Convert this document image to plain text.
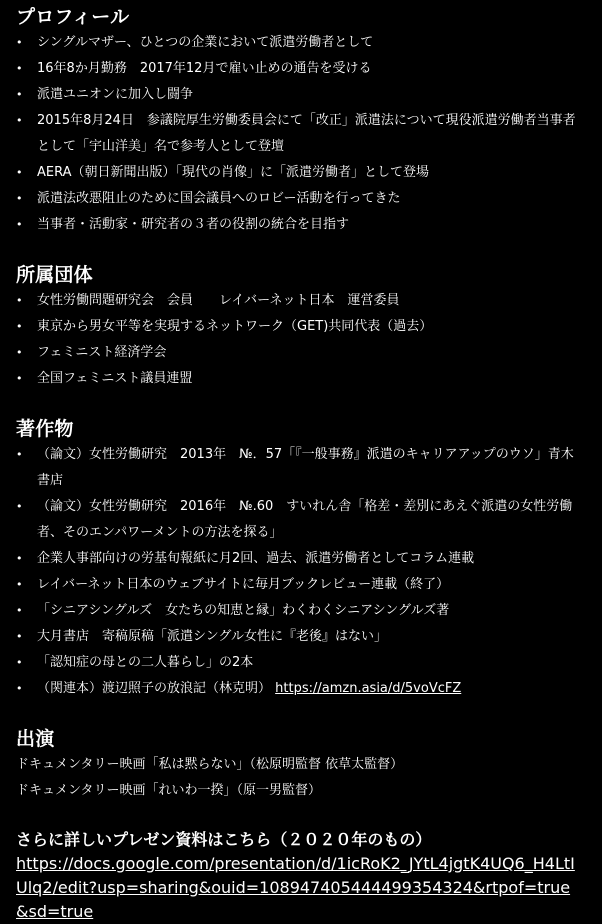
プロフィール
• シングルマザー、ひとつの企業において派遣労働者として
• 16年8か月勤務　2017年12月で雇い止めの通告を受ける
• 派遣ユニオンに加入し闘争
• 2015年8月24日　参議院厚生労働委員会にて「改正」派遣法について現役派遣労働者当事者として「宇山洋美」名で参考人として登壇
• AERA（朝日新聞出版）「現代の肖像」に「派遣労働者」として登場
• 派遣法改悪阻止のために国会議員へのロビー活動を行ってきた
• 当事者・活動家・研究者の３者の役割の統合を目指す
所属団体
• 女性労働問題研究会　会員　　レイバーネット日本　運営委員
• 東京から男女平等を実現するネットワーク（GET)共同代表（過去）
• フェミニスト経済学会
• 全国フェミニスト議員連盟
著作物
• （論文）女性労働研究　2013年　№．57「『一般事務』派遣のキャリアアップのウソ」青木書店
• （論文）女性労働研究　2016年　№.60　すいれん舎「格差・差別にあえぐ派遣の女性労働者、そのエンパワーメントの方法を探る」
• 企業人事部向けの労基旬報紙に月2回、過去、派遣労働者としてコラム連載
• レイバーネット日本のウェブサイトに毎月ブックレビュー連載（終了）
• 「シニアシングルズ　女たちの知恵と縁」わくわくシニアシングルズ著
• 大月書店　寄稿原稿「派遣シングル女性に『老後』はない」
• 「認知症の母との二人暮らし」の2本
• （関連本）渡辺照子の放浪記（林克明） https://amzn.asia/d/5voVcFZ
出演

ドキュメンタリー映画「私は黙らない」（松原明監督 依草太監督）

ドキュメンタリー映画「れいわ一揆」（原一男監督）

さらに詳しいプレゼン資料はこちら（２０２０年のもの）

https://docs.google.com/presentation/d/1icRoK2_JYtL4jgtK4UQ6_H4LtIUlq2/edit?usp=sharing&ouid=108947405444499354324&rtpof=true&sd=true
